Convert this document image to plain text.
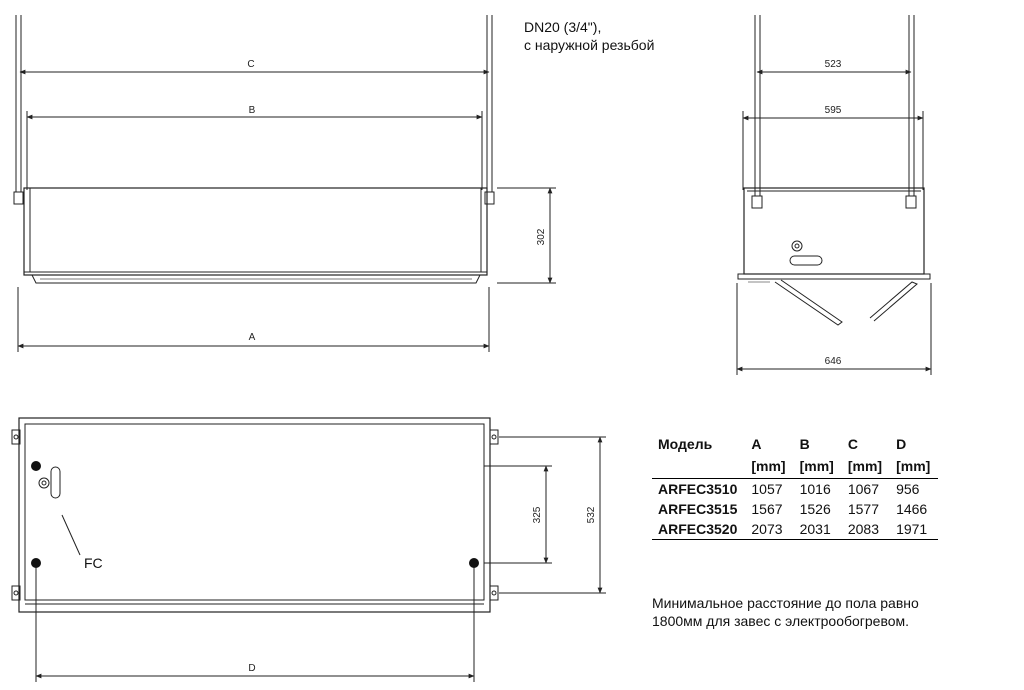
C
B
A
302
523
595
646
FC
325	532
D
DN20 (3/4"),
с наружной резьбой
Модель	A	B	C	D
	[mm]	[mm]	[mm]	[mm]
ARFEC3510	1057	1016	1067	956
ARFEC3515	1567	1526	1577	1466
ARFEC3520	2073	2031	2083	1971
Минимальное расстояние до пола равно
1800мм для завес с электрообогревом.
